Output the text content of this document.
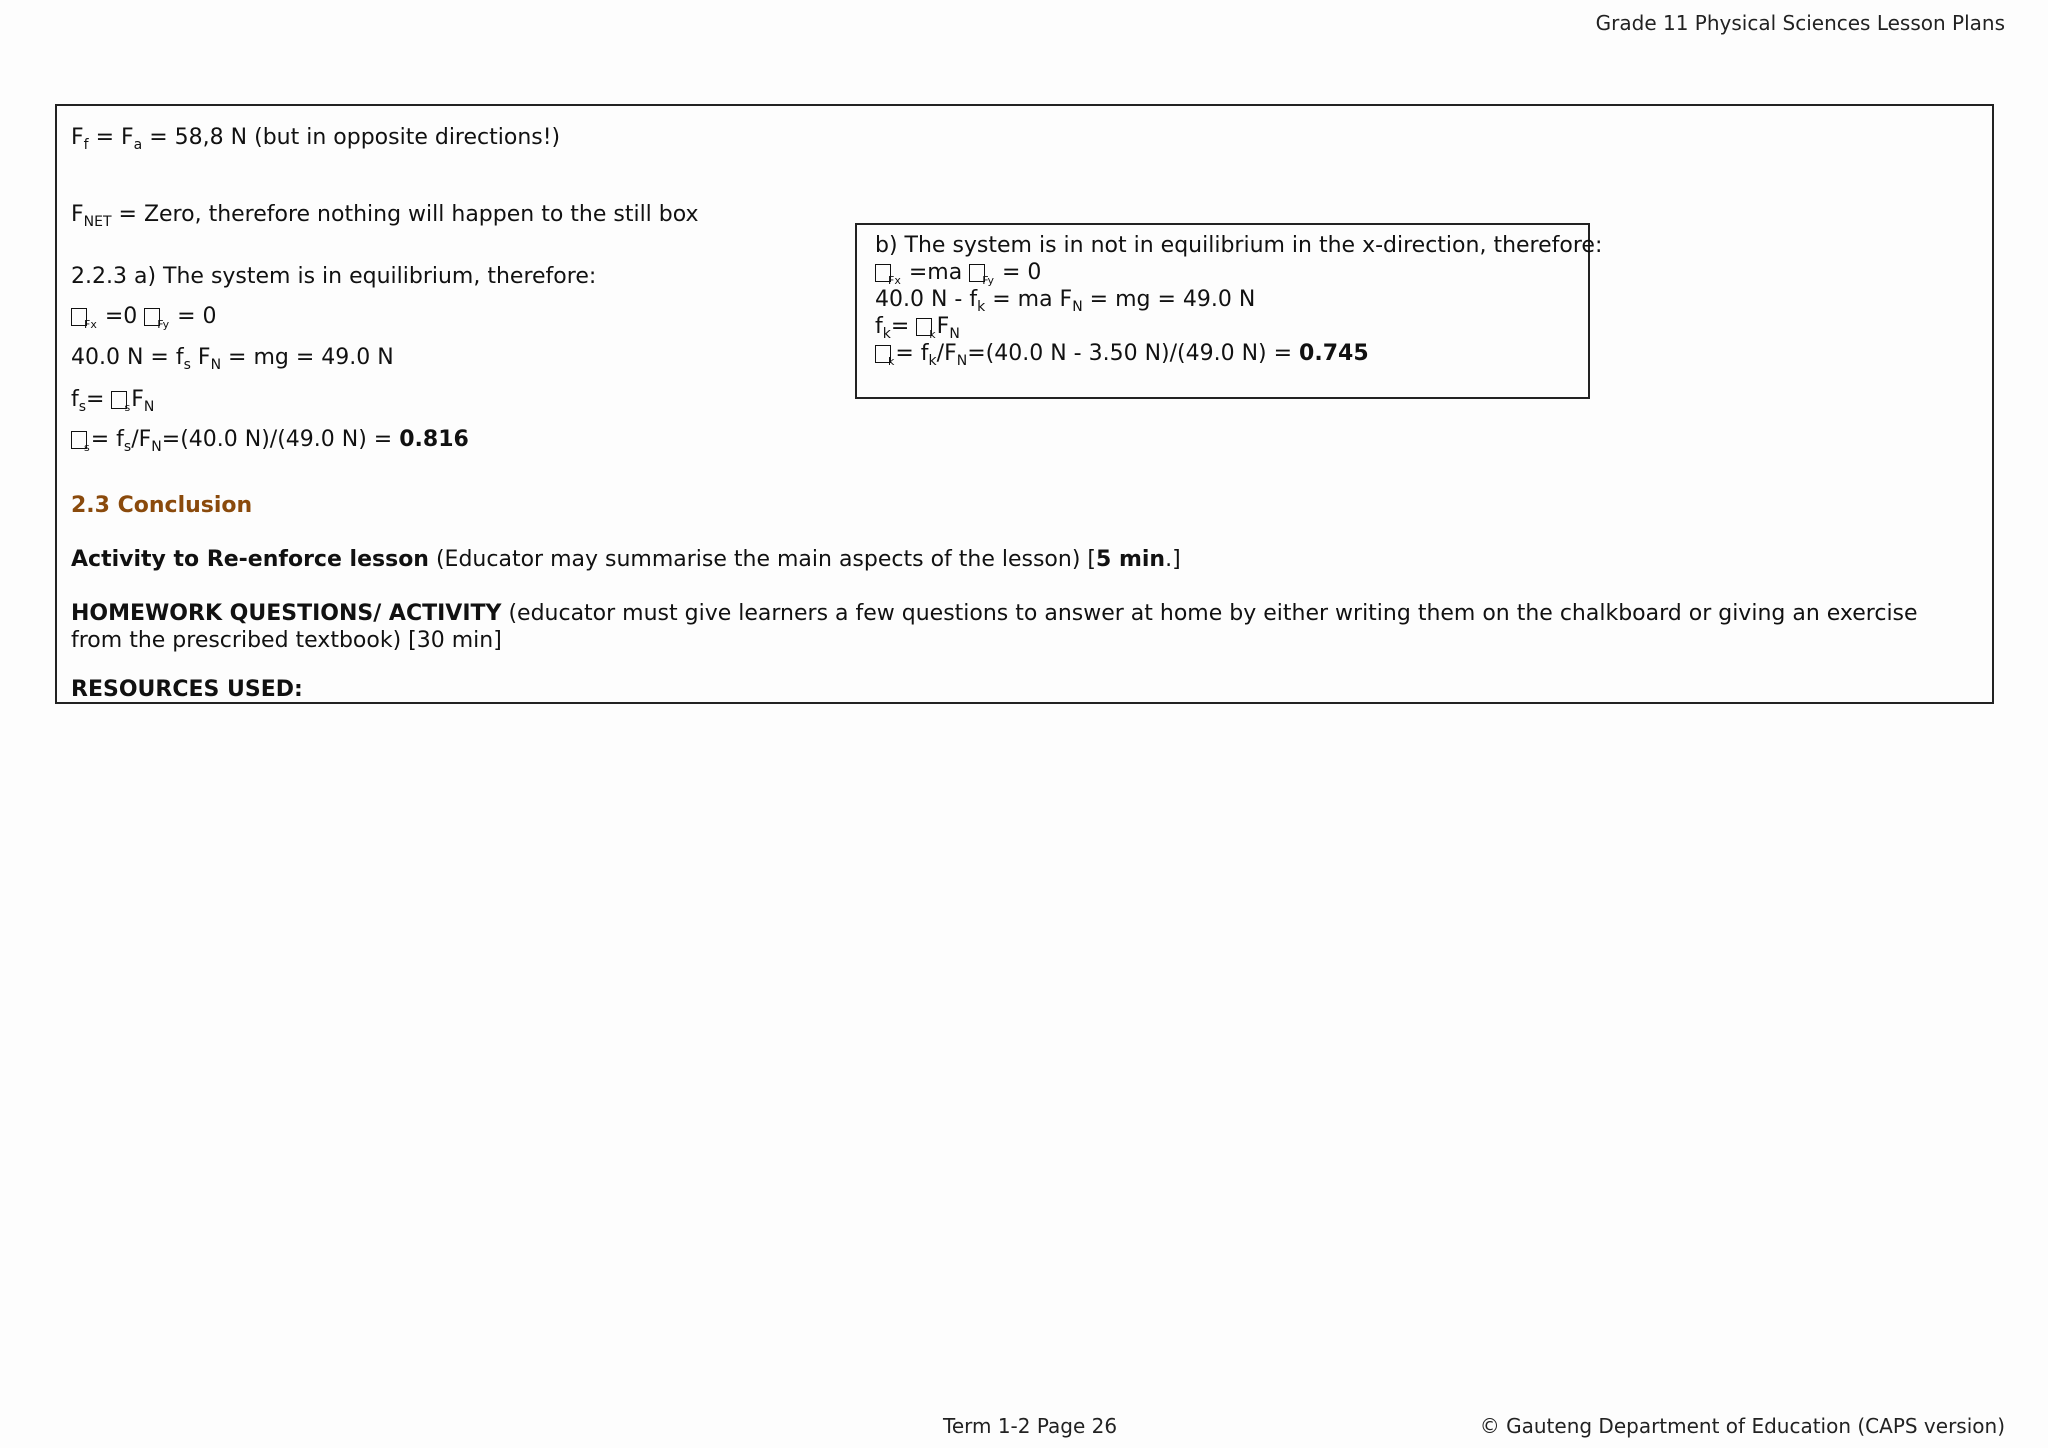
Grade 11 Physical Sciences Lesson Plans
$F_f = F_a = 58,8$ N (but in opposite directions!)
$F_{NET}$ = Zero, therefore nothing will happen to the still box
2.2.3 a) The system is in equilibrium, therefore:
$_{Fx}$ =0 $_{Fy}$ = 0
40.0 $N = f_s$ $F_N$ = mg = 49.0 N
$f_s= _sF_N$
$_s= f_s/F_N=(40.0$ N)/(49.0 N) = 0.816
2.3 Conclusion
Activity to Re-enforce lesson (Educator may summarise the main aspects of the lesson) [5 min.]
HOMEWORK QUESTIONS/ ACTIVITY (educator must give learners a few questions to answer at home by either writing them on the chalkboard or giving an exercise from the prescribed textbook) [30 min]
RESOURCES USED:
b) The system is in not in equilibrium in the x-direction, therefore:
$_{Fx}$ =ma $_{Fy}$ = 0
40.0 N - $f_k$ = ma $F_N$ = mg = 49.0 N
$f_k= _kF_N$
$_k= f_k/F_N=(40.0$ N - 3.50 N)/(49.0 N) = 0.745
Term 1-2 Page 26	© Gauteng Department of Education (CAPS version)
